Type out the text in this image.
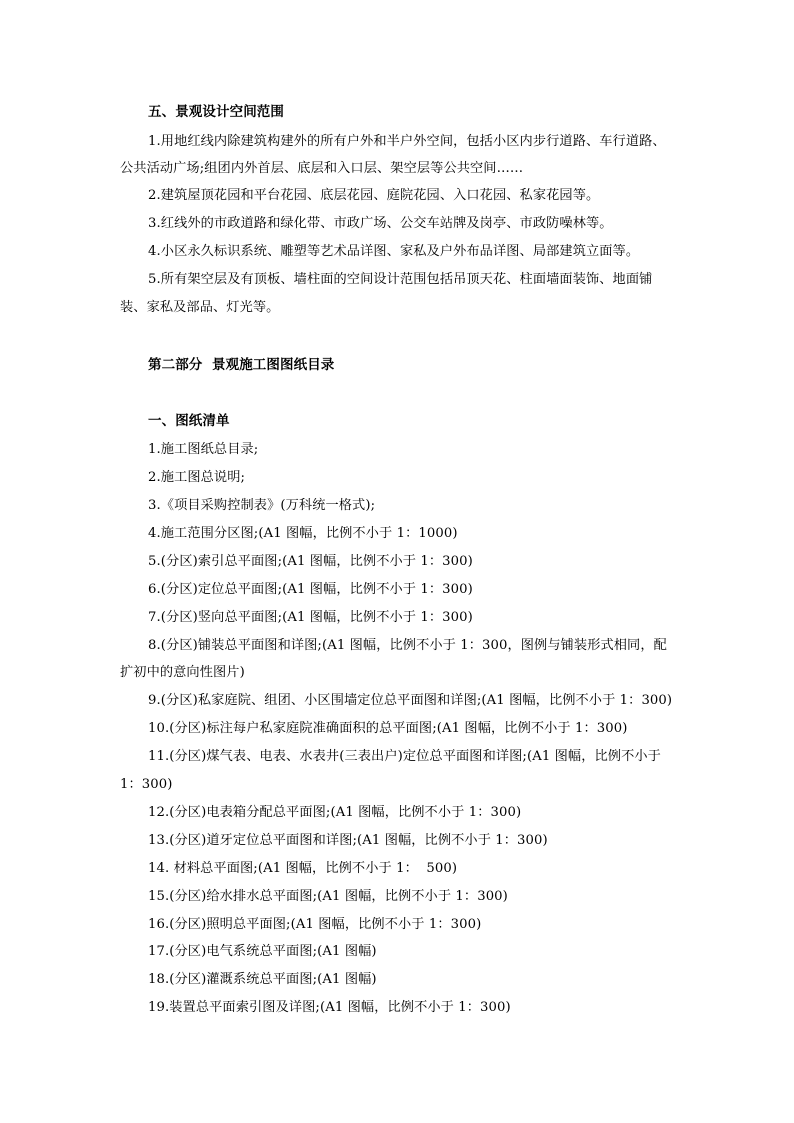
五、景观设计空间范围
1.用地红线内除建筑构建外的所有户外和半户外空间，包括小区内步行道路、车行道路、
公共活动广场;组团内外首层、底层和入口层、架空层等公共空间……
2.建筑屋顶花园和平台花园、底层花园、庭院花园、入口花园、私家花园等。
3.红线外的市政道路和绿化带、市政广场、公交车站牌及岗亭、市政防噪林等。
4.小区永久标识系统、雕塑等艺术品详图、家私及户外布品详图、局部建筑立面等。
5.所有架空层及有顶板、墙柱面的空间设计范围包括吊顶天花、柱面墙面装饰、地面铺
装、家私及部品、灯光等。
第二部分  景观施工图图纸目录
一、图纸清单
1.施工图纸总目录;
2.施工图总说明;
3.《项目采购控制表》(万科统一格式);
4.施工范围分区图;(A1 图幅，比例不小于 1：1000)
5.(分区)索引总平面图;(A1 图幅，比例不小于 1：300)
6.(分区)定位总平面图;(A1 图幅，比例不小于 1：300)
7.(分区)竖向总平面图;(A1 图幅，比例不小于 1：300)
8.(分区)铺装总平面图和详图;(A1 图幅，比例不小于 1：300，图例与铺装形式相同，配
扩初中的意向性图片)
9.(分区)私家庭院、组团、小区围墙定位总平面图和详图;(A1 图幅，比例不小于 1：300)
10.(分区)标注每户私家庭院准确面积的总平面图;(A1 图幅，比例不小于 1：300)
11.(分区)煤气表、电表、水表井(三表出户)定位总平面图和详图;(A1 图幅，比例不小于
1：300)
12.(分区)电表箱分配总平面图;(A1 图幅，比例不小于 1：300)
13.(分区)道牙定位总平面图和详图;(A1 图幅，比例不小于 1：300)
14. 材料总平面图;(A1 图幅，比例不小于 1：  500)
15.(分区)给水排水总平面图;(A1 图幅，比例不小于 1：300)
16.(分区)照明总平面图;(A1 图幅，比例不小于 1：300)
17.(分区)电气系统总平面图;(A1 图幅)
18.(分区)灌溉系统总平面图;(A1 图幅)
19.装置总平面索引图及详图;(A1 图幅，比例不小于 1：300)
